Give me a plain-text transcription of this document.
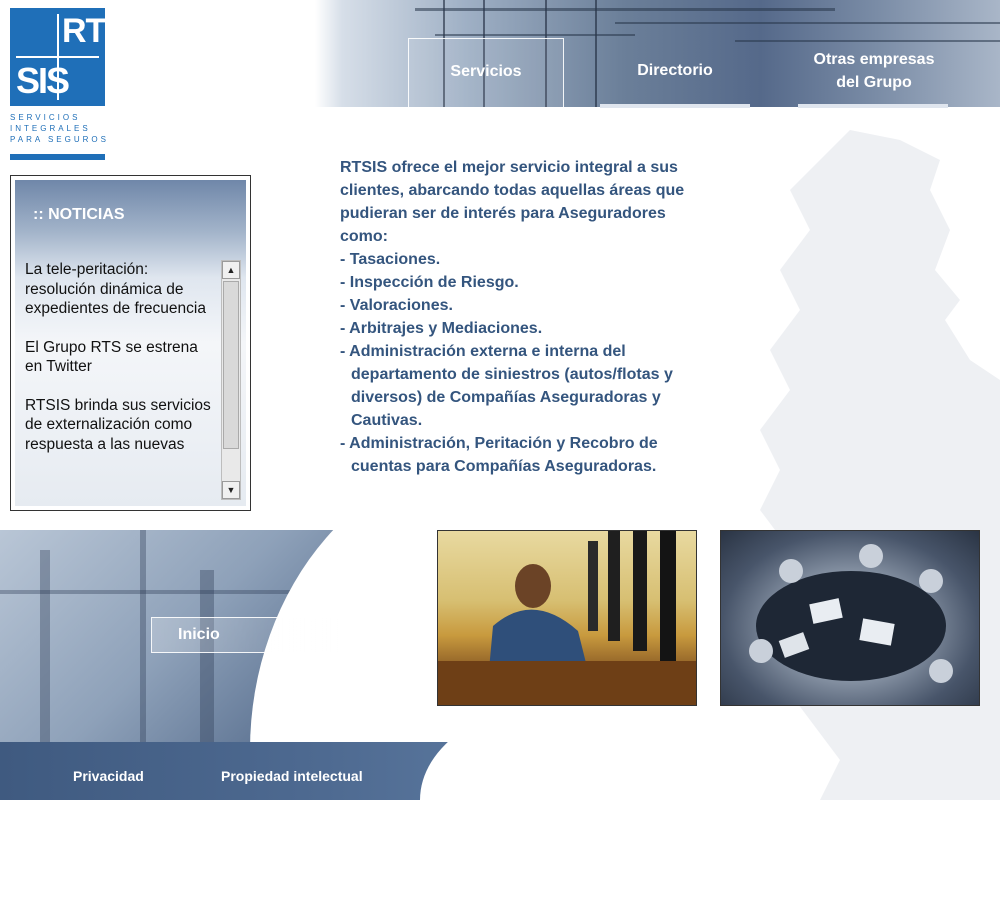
RTS
SIS
SERVICIOS
INTEGRALES
PARA SEGUROS
Servicios	Directorio
Otras empresas
del Grupo
:: NOTICIAS
La tele-peritación: resolución dinámica de expedientes de frecuencia
El Grupo RTS se estrena en Twitter
RTSIS brinda sus servicios de externalización como respuesta a las nuevas
▲
▼
RTSIS ofrece el mejor servicio integral a sus
clientes, abarcando todas aquellas áreas que
pudieran ser de interés para Aseguradores
como:
- Tasaciones.
- Inspección de Riesgo.
- Valoraciones.
- Arbitrajes y Mediaciones.
- Administración externa e interna del
departamento de siniestros (autos/flotas y
diversos) de Compañías Aseguradoras y
Cautivas.
- Administración, Peritación y Recobro de
cuentas para Compañías Aseguradoras.
Inicio
Privacidad	Propiedad intelectual
